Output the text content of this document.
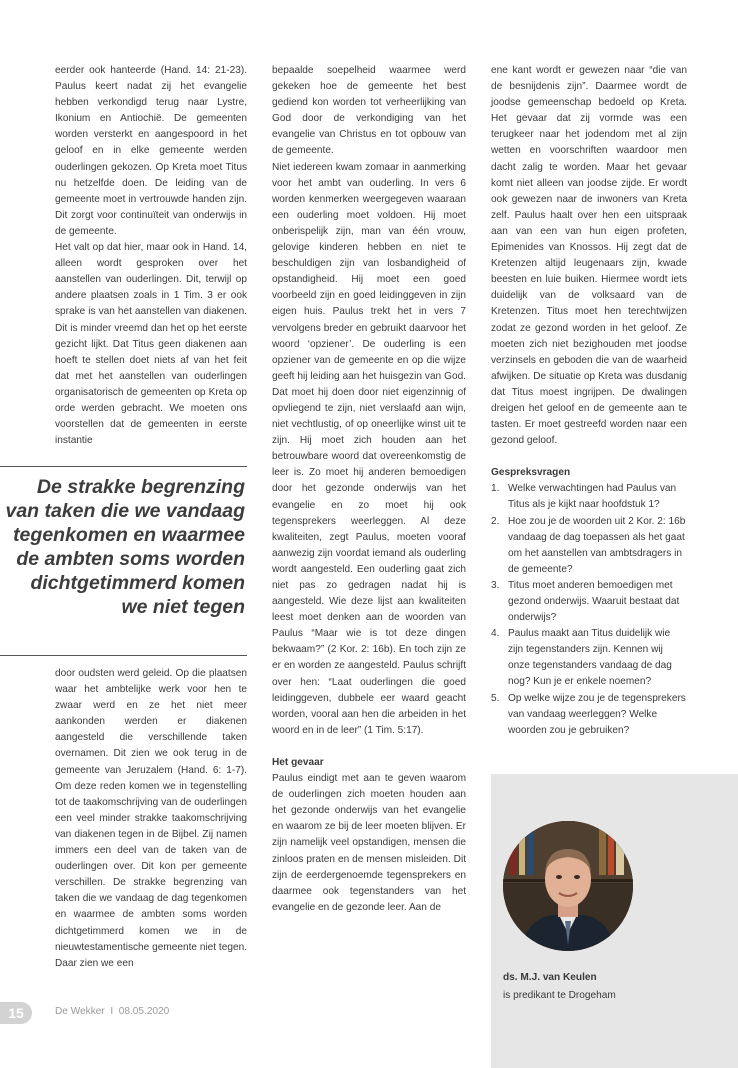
eerder ook hanteerde (Hand. 14: 21-23). Paulus keert nadat zij het evangelie hebben verkondigd terug naar Lystre, Ikonium en Antiochië. De gemeenten worden versterkt en aangespoord in het geloof en in elke gemeente werden ouderlingen gekozen. Op Kreta moet Titus nu hetzelfde doen. De leiding van de gemeente moet in vertrouwde handen zijn. Dit zorgt voor continuïteit van onderwijs in de gemeente.

Het valt op dat hier, maar ook in Hand. 14, alleen wordt gesproken over het aanstellen van ouderlingen. Dit, terwijl op andere plaatsen zoals in 1 Tim. 3 er ook sprake is van het aanstellen van diakenen. Dit is minder vreemd dan het op het eerste gezicht lijkt. Dat Titus geen diakenen aan hoeft te stellen doet niets af van het feit dat met het aanstellen van ouderlingen organisatorisch de gemeenten op Kreta op orde werden gebracht. We moeten ons voorstellen dat de gemeenten in eerste instantie

De strakke begrenzing van taken die we vandaag tegenkomen en waarmee de ambten soms worden dichtgetimmerd komen we niet tegen

door oudsten werd geleid. Op die plaatsen waar het ambtelijke werk voor hen te zwaar werd en ze het niet meer aankonden werden er diakenen aangesteld die verschillende taken overnamen. Dit zien we ook terug in de gemeente van Jeruzalem (Hand. 6: 1-7). Om deze reden komen we in tegenstelling tot de taakomschrijving van de ouderlingen een veel minder strakke taakomschrijving van diakenen tegen in de Bijbel. Zij namen immers een deel van de taken van de ouderlingen over. Dit kon per gemeente verschillen. De strakke begrenzing van taken die we vandaag de dag tegenkomen en waarmee de ambten soms worden dichtgetimmerd komen we in de nieuwtestamentische gemeente niet tegen. Daar zien we een

bepaalde soepelheid waarmee werd gekeken hoe de gemeente het best gediend kon worden tot verheerlijking van God door de verkondiging van het evangelie van Christus en tot opbouw van de gemeente.

Niet iedereen kwam zomaar in aanmerking voor het ambt van ouderling. In vers 6 worden kenmerken weergegeven waaraan een ouderling moet voldoen. Hij moet onberispelijk zijn, man van één vrouw, gelovige kinderen hebben en niet te beschuldigen zijn van losbandigheid of opstandigheid. Hij moet een goed voorbeeld zijn en goed leidinggeven in zijn eigen huis. Paulus trekt het in vers 7 vervolgens breder en gebruikt daarvoor het woord ‘opziener’. De ouderling is een opziener van de gemeente en op die wijze geeft hij leiding aan het huisgezin van God. Dat moet hij doen door niet eigenzinnig of opvliegend te zijn, niet verslaafd aan wijn, niet vechtlustig, of op oneerlijke winst uit te zijn. Hij moet zich houden aan het betrouwbare woord dat overeenkomstig de leer is. Zo moet hij anderen bemoedigen door het gezonde onderwijs van het evangelie en zo moet hij ook tegensprekers weerleggen. Al deze kwaliteiten, zegt Paulus, moeten vooraf aanwezig zijn voordat iemand als ouderling wordt aangesteld. Een ouderling gaat zich niet pas zo gedragen nadat hij is aangesteld. Wie deze lijst aan kwaliteiten leest moet denken aan de woorden van Paulus “Maar wie is tot deze dingen bekwaam?” (2 Kor. 2: 16b). En toch zijn ze er en worden ze aangesteld. Paulus schrijft over hen: “Laat ouderlingen die goed leidinggeven, dubbele eer waard geacht worden, vooral aan hen die arbeiden in het woord en in de leer” (1 Tim. 5:17).

Het gevaar

Paulus eindigt met aan te geven waarom de ouderlingen zich moeten houden aan het gezonde onderwijs van het evangelie en waarom ze bij de leer moeten blijven. Er zijn namelijk veel opstandigen, mensen die zinloos praten en de mensen misleiden. Dit zijn de eerdergenoemde tegensprekers en daarmee ook tegenstanders van het evangelie en de gezonde leer. Aan de

ene kant wordt er gewezen naar “die van de besnijdenis zijn”. Daarmee wordt de joodse gemeenschap bedoeld op Kreta. Het gevaar dat zij vormde was een terugkeer naar het jodendom met al zijn wetten en voorschriften waardoor men dacht zalig te worden. Maar het gevaar komt niet alleen van joodse zijde. Er wordt ook gewezen naar de inwoners van Kreta zelf. Paulus haalt over hen een uitspraak aan van een van hun eigen profeten, Epimenides van Knossos. Hij zegt dat de Kretenzen altijd leugenaars zijn, kwade beesten en luie buiken. Hiermee wordt iets duidelijk van de volksaard van de Kretenzen. Titus moet hen terechtwijzen zodat ze gezond worden in het geloof. Ze moeten zich niet bezighouden met joodse verzinsels en geboden die van de waarheid afwijken. De situatie op Kreta was dusdanig dat Titus moest ingrijpen. De dwalingen dreigen het geloof en de gemeente aan te tasten. Er moet gestreefd worden naar een gezond geloof.

Gespreksvragen

1. Welke verwachtingen had Paulus van Titus als je kijkt naar hoofdstuk 1?
2. Hoe zou je de woorden uit 2 Kor. 2: 16b vandaag de dag toepassen als het gaat om het aanstellen van ambtsdragers in de gemeente?
3. Titus moet anderen bemoedigen met gezond onderwijs. Waaruit bestaat dat onderwijs?
4. Paulus maakt aan Titus duidelijk wie zijn tegenstanders zijn. Kennen wij onze tegenstanders vandaag de dag nog? Kun je er enkele noemen?
5. Op welke wijze zou je de tegensprekers van vandaag weerleggen? Welke woorden zou je gebruiken?
ds. M.J. van Keulen
is predikant te Drogeham
15	De Wekker  I  08.05.2020
